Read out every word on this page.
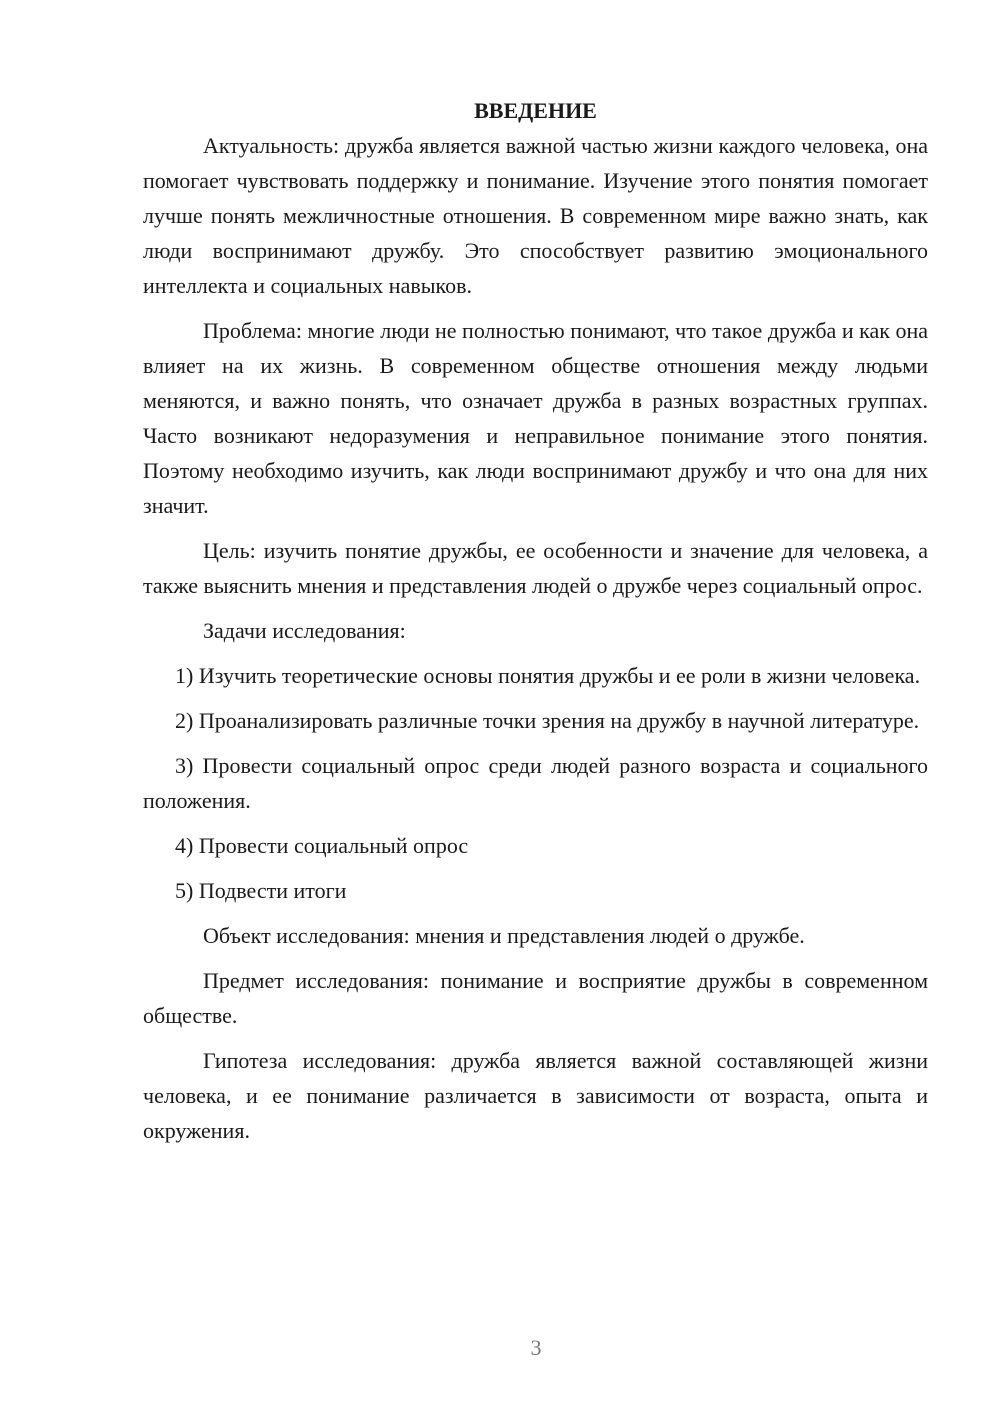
ВВЕДЕНИЕ

Актуальность: дружба является важной частью жизни каждого человека, она помогает чувствовать поддержку и понимание. Изучение этого понятия помогает лучше понять межличностные отношения. В современном мире важно знать, как люди воспринимают дружбу. Это способствует развитию эмоционального интеллекта и социальных навыков.

Проблема: многие люди не полностью понимают, что такое дружба и как она влияет на их жизнь. В современном обществе отношения между людьми меняются, и важно понять, что означает дружба в разных возрастных группах. Часто возникают недоразумения и неправильное понимание этого понятия. Поэтому необходимо изучить, как люди воспринимают дружбу и что она для них значит.

Цель: изучить понятие дружбы, ее особенности и значение для человека, а также выяснить мнения и представления людей о дружбе через социальный опрос.

Задачи исследования:

1) Изучить теоретические основы понятия дружбы и ее роли в жизни человека.

2) Проанализировать различные точки зрения на дружбу в научной литературе.

3) Провести социальный опрос среди людей разного возраста и социального положения.

4) Провести социальный опрос

5) Подвести итоги

Объект исследования: мнения и представления людей о дружбе.

Предмет исследования: понимание и восприятие дружбы в современном обществе.

Гипотеза исследования: дружба является важной составляющей жизни человека, и ее понимание различается в зависимости от возраста, опыта и окружения.

3
